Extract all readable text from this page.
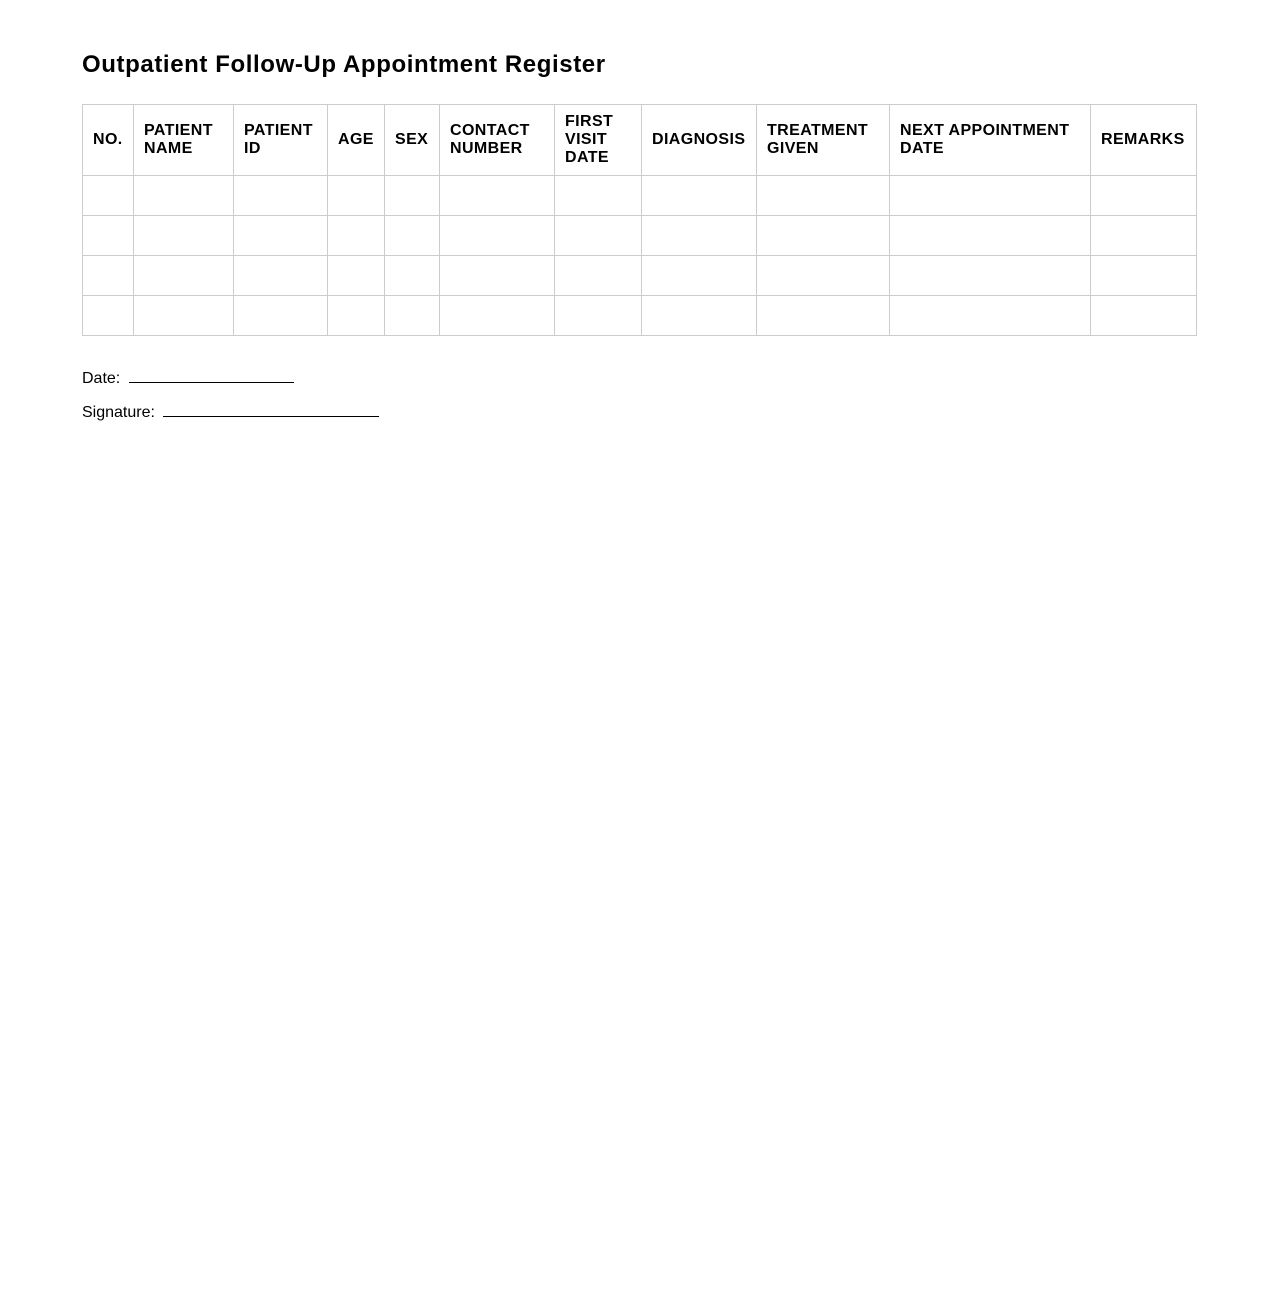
Outpatient Follow-Up Appointment Register
NO.	PATIENT NAME	PATIENT ID	AGE	SEX	CONTACT NUMBER	FIRST VISIT DATE	DIAGNOSIS	TREATMENT GIVEN	NEXT APPOINTMENT DATE	REMARKS

Date:
Signature:
